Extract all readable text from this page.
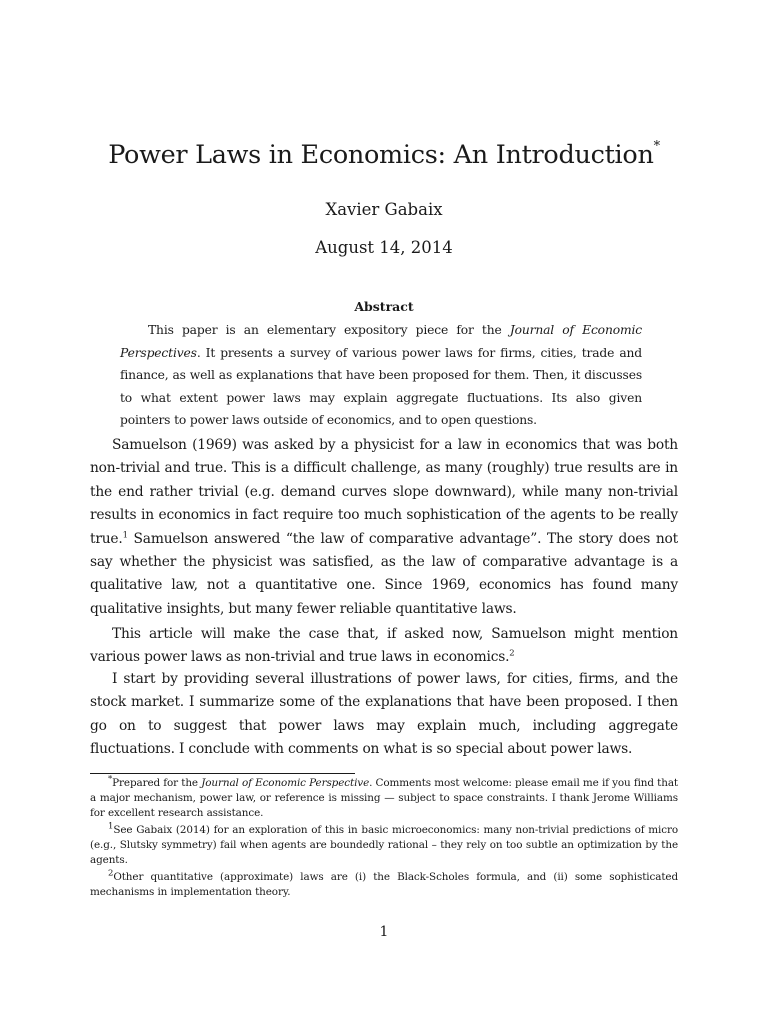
Power Laws in Economics: An Introduction*
Xavier Gabaix
August 14, 2014
Abstract
This paper is an elementary expository piece for the Journal of Economic Perspectives. It presents a survey of various power laws for firms, cities, trade and finance, as well as explanations that have been proposed for them. Then, it discusses to what extent power laws may explain aggregate fluctuations. Its also given pointers to power laws outside of economics, and to open questions.

Samuelson (1969) was asked by a physicist for a law in economics that was both non-trivial and true. This is a difficult challenge, as many (roughly) true results are in the end rather trivial (e.g. demand curves slope downward), while many non-trivial results in economics in fact require too much sophistication of the agents to be really true.$^1$ Samuelson answered “the law of comparative advantage”. The story does not say whether the physicist was satisfied, as the law of comparative advantage is a qualitative law, not a quantitative one. Since 1969, economics has found many qualitative insights, but many fewer reliable quantitative laws.

This article will make the case that, if asked now, Samuelson might mention various power laws as non-trivial and true laws in economics.$^2$

I start by providing several illustrations of power laws, for cities, firms, and the stock market. I summarize some of the explanations that have been proposed. I then go on to suggest that power laws may explain much, including aggregate fluctuations. I conclude with comments on what is so special about power laws.

*Prepared for the Journal of Economic Perspective. Comments most welcome: please email me if you find that a major mechanism, power law, or reference is missing — subject to space constraints. I thank Jerome Williams for excellent research assistance.

$^1$See Gabaix (2014) for an exploration of this in basic microeconomics: many non-trivial predictions of micro (e.g., Slutsky symmetry) fail when agents are boundedly rational – they rely on too subtle an optimization by the agents.

$^2$Other quantitative (approximate) laws are (i) the Black-Scholes formula, and (ii) some sophisticated mechanisms in implementation theory.

1
